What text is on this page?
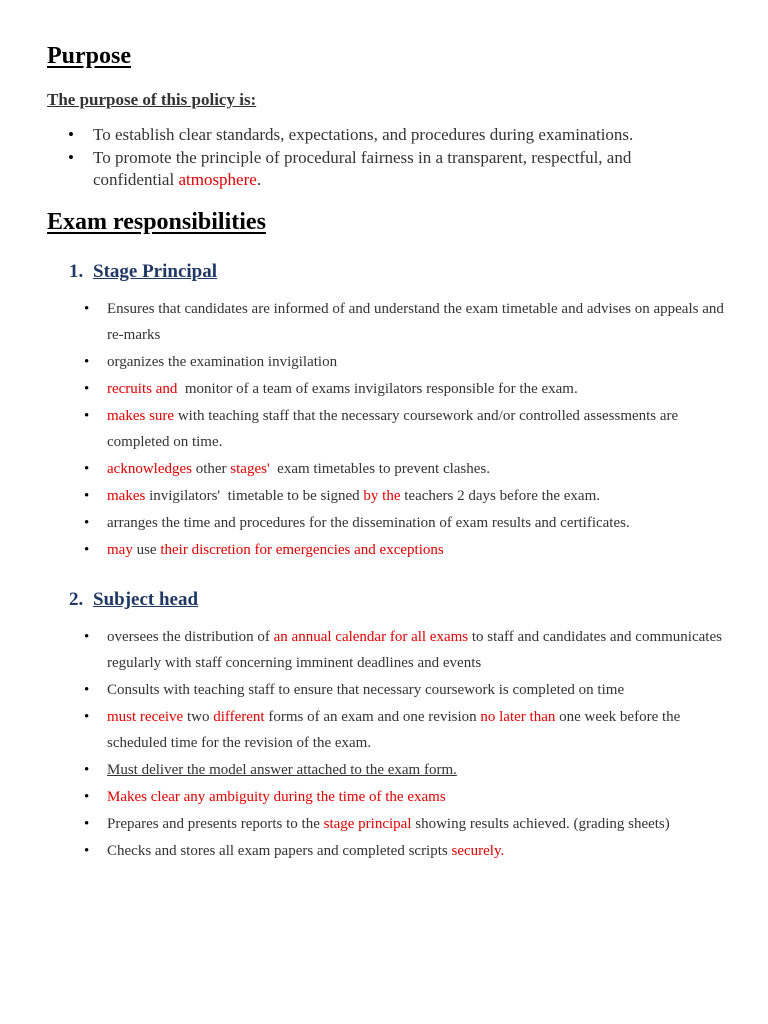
Purpose
The purpose of this policy is:
• To establish clear standards, expectations, and procedures during examinations.
• To promote the principle of procedural fairness in a transparent, respectful, and confidential atmosphere.
Exam responsibilities
1. Stage Principal
• Ensures that candidates are informed of and understand the exam timetable and advises on appeals and re-marks
• organizes the examination invigilation
• recruits and  monitor of a team of exams invigilators responsible for the exam.
• makes sure with teaching staff that the necessary coursework and/or controlled assessments are completed on time.
• acknowledges other stages'  exam timetables to prevent clashes.
• makes invigilators'  timetable to be signed by the teachers 2 days before the exam.
• arranges the time and procedures for the dissemination of exam results and certificates.
• may use their discretion for emergencies and exceptions
2. Subject head
• oversees the distribution of an annual calendar for all exams to staff and candidates and communicates regularly with staff concerning imminent deadlines and events
• Consults with teaching staff to ensure that necessary coursework is completed on time
• must receive two different forms of an exam and one revision no later than one week before the scheduled time for the revision of the exam.
• Must deliver the model answer attached to the exam form.
• Makes clear any ambiguity during the time of the exams
• Prepares and presents reports to the stage principal showing results achieved. (grading sheets)
• Checks and stores all exam papers and completed scripts securely.
